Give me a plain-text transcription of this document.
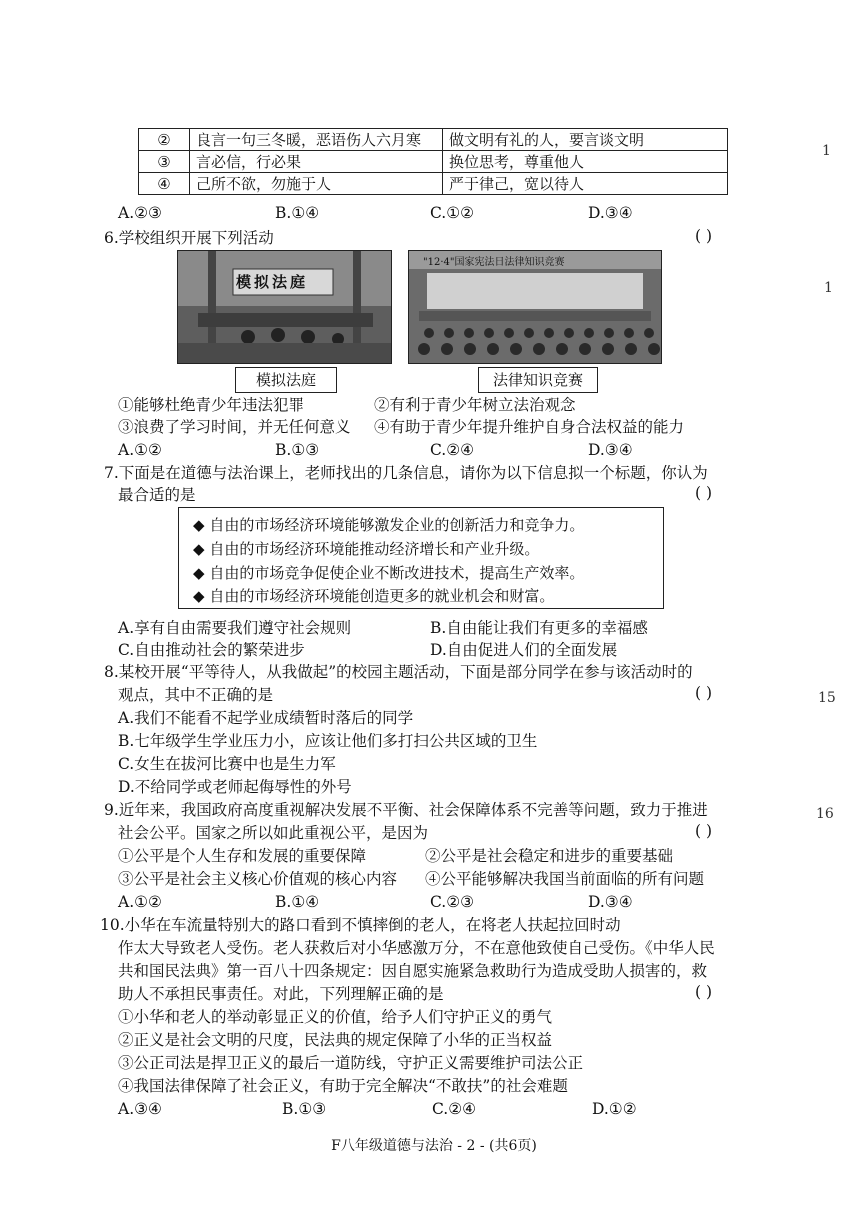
②	良言一句三冬暖，恶语伤人六月寒	做文明有礼的人，要言谈文明
③	言必信，行必果	换位思考，尊重他人
④	己所不欲，勿施于人	严于律己，宽以待人
A.②③	B.①④	C.①②	D.③④
6.学校组织开展下列活动	( )
模拟法庭
"12·4"国家宪法日法律知识竞赛
模拟法庭	法律知识竞赛
①能够杜绝青少年违法犯罪	②有利于青少年树立法治观念
③浪费了学习时间，并无任何意义 ④有助于青少年提升维护自身合法权益的能力
A.①②	B.①③	C.②④	D.③④
7.下面是在道德与法治课上，老师找出的几条信息，请你为以下信息拟一个标题，你认为
最合适的是	( )
◆ 自由的市场经济环境能够激发企业的创新活力和竞争力。
◆ 自由的市场经济环境能推动经济增长和产业升级。
◆ 自由的市场竞争促使企业不断改进技术，提高生产效率。
◆ 自由的市场经济环境能创造更多的就业机会和财富。
A.享有自由需要我们遵守社会规则	B.自由能让我们有更多的幸福感
C.自由推动社会的繁荣进步	D.自由促进人们的全面发展
8.某校开展“平等待人，从我做起”的校园主题活动，下面是部分同学在参与该活动时的
观点，其中不正确的是	( )
A.我们不能看不起学业成绩暂时落后的同学
B.七年级学生学业压力小，应该让他们多打扫公共区域的卫生
C.女生在拔河比赛中也是生力军
D.不给同学或老师起侮辱性的外号
9.近年来，我国政府高度重视解决发展不平衡、社会保障体系不完善等问题，致力于推进
社会公平。国家之所以如此重视公平，是因为	( )
①公平是个人生存和发展的重要保障	②公平是社会稳定和进步的重要基础
③公平是社会主义核心价值观的核心内容 ④公平能够解决我国当前面临的所有问题
A.①②	B.①④	C.②③	D.③④
10.小华在车流量特别大的路口看到不慎摔倒的老人，在将老人扶起拉回时动
作太大导致老人受伤。老人获救后对小华感激万分，不在意他致使自己受伤。《中华人民
共和国民法典》第一百八十四条规定：因自愿实施紧急救助行为造成受助人损害的，救
助人不承担民事责任。对此，下列理解正确的是	( )
①小华和老人的举动彰显正义的价值，给予人们守护正义的勇气
②正义是社会文明的尺度，民法典的规定保障了小华的正当权益
③公正司法是捍卫正义的最后一道防线，守护正义需要维护司法公正
④我国法律保障了社会正义，有助于完全解决“不敢扶”的社会难题
A.③④	B.①③	C.②④	D.①②
F八年级道德与法治 - 2 - (共6页)
1
1
15
16
